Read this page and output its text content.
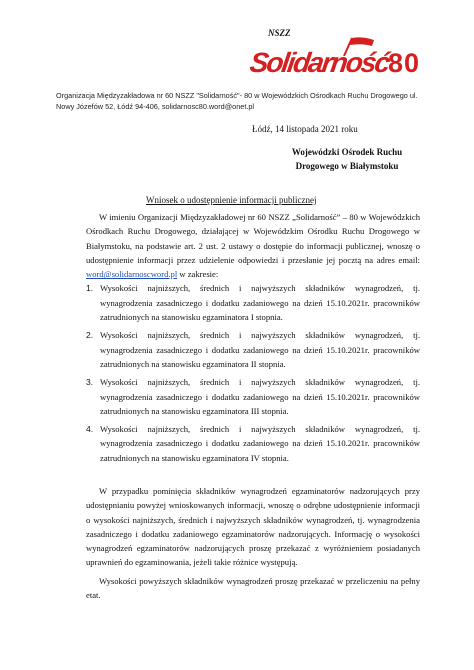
NSZZ
Solidarność
80
Organizacja Międzyzakładowa nr 60 NSZZ "Solidarność"- 80 w Wojewódzkich Ośrodkach Ruchu Drogowego ul.
Nowy Józefów 52, Łódź 94-406, solidarnosc80.word@onet.pl
Łódź, 14 listopada 2021 roku
Wojewódzki Ośrodek Ruchu
Drogowego w Białymstoku
Wniosek o udostępnienie informacji publicznej

W imieniu Organizacji Międzyzakładowej nr 60 NSZZ „Solidarność” – 80 w Wojewódzkich Ośrodkach Ruchu Drogowego, działającej w Wojewódzkim Ośrodku Ruchu Drogowego w Białymstoku, na podstawie art. 2 ust. 2 ustawy o dostępie do informacji publicznej, wnoszę o udostępnienie informacji przez udzielenie odpowiedzi i przesłanie jej pocztą na adres email: word@solidarnoscword.pl w zakresie:

1. Wysokości najniższych, średnich i najwyższych składników wynagrodzeń, tj. wynagrodzenia zasadniczego i dodatku zadaniowego na dzień 15.10.2021r. pracowników zatrudnionych na stanowisku egzaminatora I stopnia.
2. Wysokości najniższych, średnich i najwyższych składników wynagrodzeń, tj. wynagrodzenia zasadniczego i dodatku zadaniowego na dzień 15.10.2021r. pracowników zatrudnionych na stanowisku egzaminatora II stopnia.
3. Wysokości najniższych, średnich i najwyższych składników wynagrodzeń, tj. wynagrodzenia zasadniczego i dodatku zadaniowego na dzień 15.10.2021r. pracowników zatrudnionych na stanowisku egzaminatora III stopnia.
4. Wysokości najniższych, średnich i najwyższych składników wynagrodzeń, tj. wynagrodzenia zasadniczego i dodatku zadaniowego na dzień 15.10.2021r. pracowników zatrudnionych na stanowisku egzaminatora IV stopnia.

W przypadku pominięcia składników wynagrodzeń egzaminatorów nadzorujących przy udostępnianiu powyżej wnioskowanych informacji, wnoszę o odrębne udostępnienie informacji o wysokości najniższych, średnich i najwyższych składników wynagrodzeń, tj. wynagrodzenia zasadniczego i dodatku zadaniowego egzaminatorów nadzorujących. Informację o wysokości wynagrodzeń egzaminatorów nadzorujących proszę przekazać z wyróżnieniem posiadanych uprawnień do egzaminowania, jeżeli takie różnice występują.

Wysokości powyższych składników wynagrodzeń proszę przekazać w przeliczeniu na pełny etat.
